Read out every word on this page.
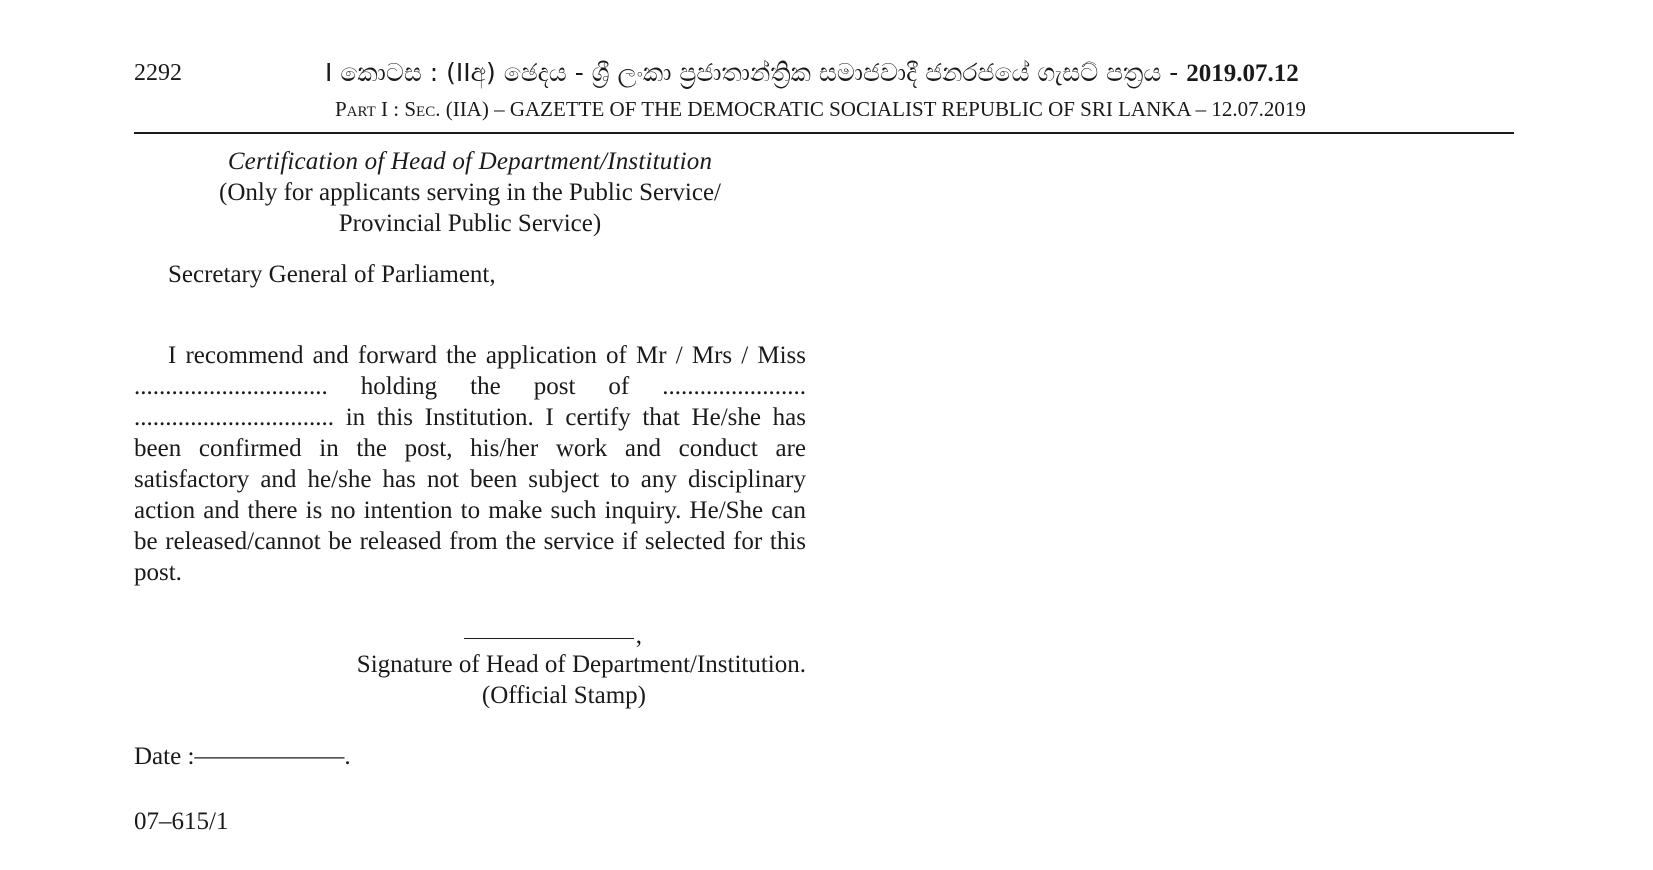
2292	I කොටස : (IIඅ) ඡෙදය - ශ්‍රී ලංකා ප්‍රජාතාන්ත්‍රික සමාජවාදී ජනරජයේ ගැසට් පත්‍රය - 2019.07.12
Part I : Sec. (IIA) – GAZETTE OF THE DEMOCRATIC SOCIALIST REPUBLIC OF SRI LANKA – 12.07.2019
Certification of Head of Department/Institution
(Only for applicants serving in the Public Service/
Provincial Public Service)
Secretary General of Parliament,
I recommend and forward the application of Mr / Mrs / Miss ............................... holding the post of ....................... ................................ in this Institution. I certify that He/she has been confirmed in the post, his/her work and conduct are satisfactory and he/she has not been subject to any disciplinary action and there is no intention to make such inquiry. He/She can be released/cannot be released from the service if selected for this post.
,
Signature of Head of Department/Institution.
(Official Stamp)
Date :——————.
07–615/1
